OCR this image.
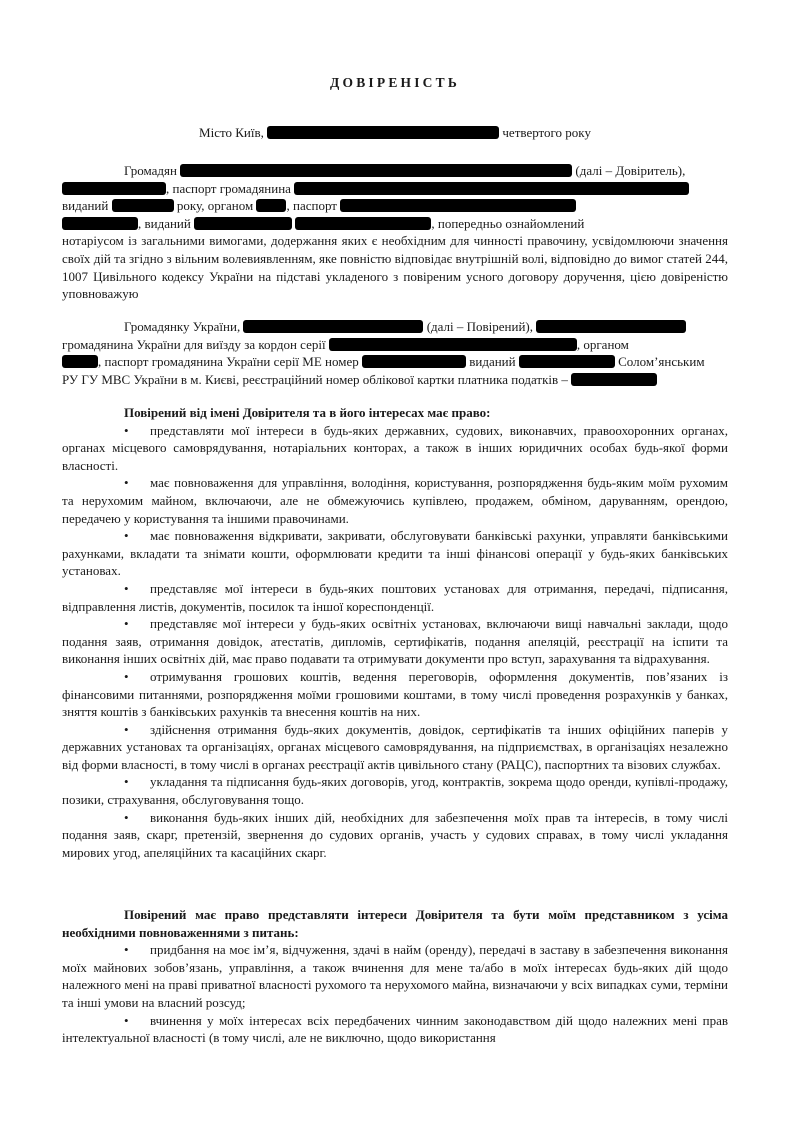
ДОВІРЕНІСТЬ
Місто Київ,	четвертого року

Громадян	(далі – Довіритель),

, паспорт громадянина

виданий	року, органом	, паспорт

, виданий	, попередньо ознайомлений

нотаріусом із загальними вимогами, додержання яких є необхідним для чинності правочину, усвідомлюючи значення своїх дій та згідно з вільним волевиявленням, яке повністю відповідає внутрішній волі, відповідно до вимог статей 244, 1007 Цивільного кодексу України на підставі укладеного з повіреним усного договору доручення, цією довіреністю уповноважую

Громадянку України,	(далі – Повірений),

громадянина України для виїзду за кордон серії	, органом

, паспорт громадянина України серії МЕ номер	виданий	Солом’янським

РУ ГУ МВС України в м. Києві, реєстраційний номер облікової картки платника податків –

Повірений від імені Довірителя та в його інтересах має право:

• представляти мої інтереси в будь-яких державних, судових, виконавчих, правоохоронних органах, органах місцевого самоврядування, нотаріальних конторах, а також в інших юридичних особах будь-якої форми власності.

• має повноваження для управління, володіння, користування, розпорядження будь-яким моїм рухомим та нерухомим майном, включаючи, але не обмежуючись купівлею, продажем, обміном, даруванням, орендою, передачею у користування та іншими правочинами.

• має повноваження відкривати, закривати, обслуговувати банківські рахунки, управляти банківськими рахунками, вкладати та знімати кошти, оформлювати кредити та інші фінансові операції у будь-яких банківських установах.

• представляє мої інтереси в будь-яких поштових установах для отримання, передачі, підписання, відправлення листів, документів, посилок та іншої кореспонденції.

• представляє мої інтереси у будь-яких освітніх установах, включаючи вищі навчальні заклади, щодо подання заяв, отримання довідок, атестатів, дипломів, сертифікатів, подання апеляцій, реєстрації на іспити та виконання інших освітніх дій, має право подавати та отримувати документи про вступ, зарахування та відрахування.

• отримування грошових коштів, ведення переговорів, оформлення документів, пов’язаних із фінансовими питаннями, розпорядження моїми грошовими коштами, в тому числі проведення розрахунків у банках, зняття коштів з банківських рахунків та внесення коштів на них.

• здійснення отримання будь-яких документів, довідок, сертифікатів та інших офіційних паперів у державних установах та організаціях, органах місцевого самоврядування, на підприємствах, в організаціях незалежно від форми власності, в тому числі в органах реєстрації актів цивільного стану (РАЦС), паспортних та візових службах.

• укладання та підписання будь-яких договорів, угод, контрактів, зокрема щодо оренди, купівлі-продажу, позики, страхування, обслуговування тощо.

• виконання будь-яких інших дій, необхідних для забезпечення моїх прав та інтересів, в тому числі подання заяв, скарг, претензій, звернення до судових органів, участь у судових справах, в тому числі укладання мирових угод, апеляційних та касаційних скарг.

Повірений має право представляти інтереси Довірителя та бути моїм представником з усіма необхідними повноваженнями з питань:

• придбання на моє ім’я, відчуження, здачі в найм (оренду), передачі в заставу в забезпечення виконання моїх майнових зобов’язань, управління, а також вчинення для мене та/або в моїх інтересах будь-яких дій щодо належного мені на праві приватної власності рухомого та нерухомого майна, визначаючи у всіх випадках суми, терміни та інші умови на власний розсуд;

• вчинення у моїх інтересах всіх передбачених чинним законодавством дій щодо належних мені прав інтелектуальної власності (в тому числі, але не виключно, щодо використання
